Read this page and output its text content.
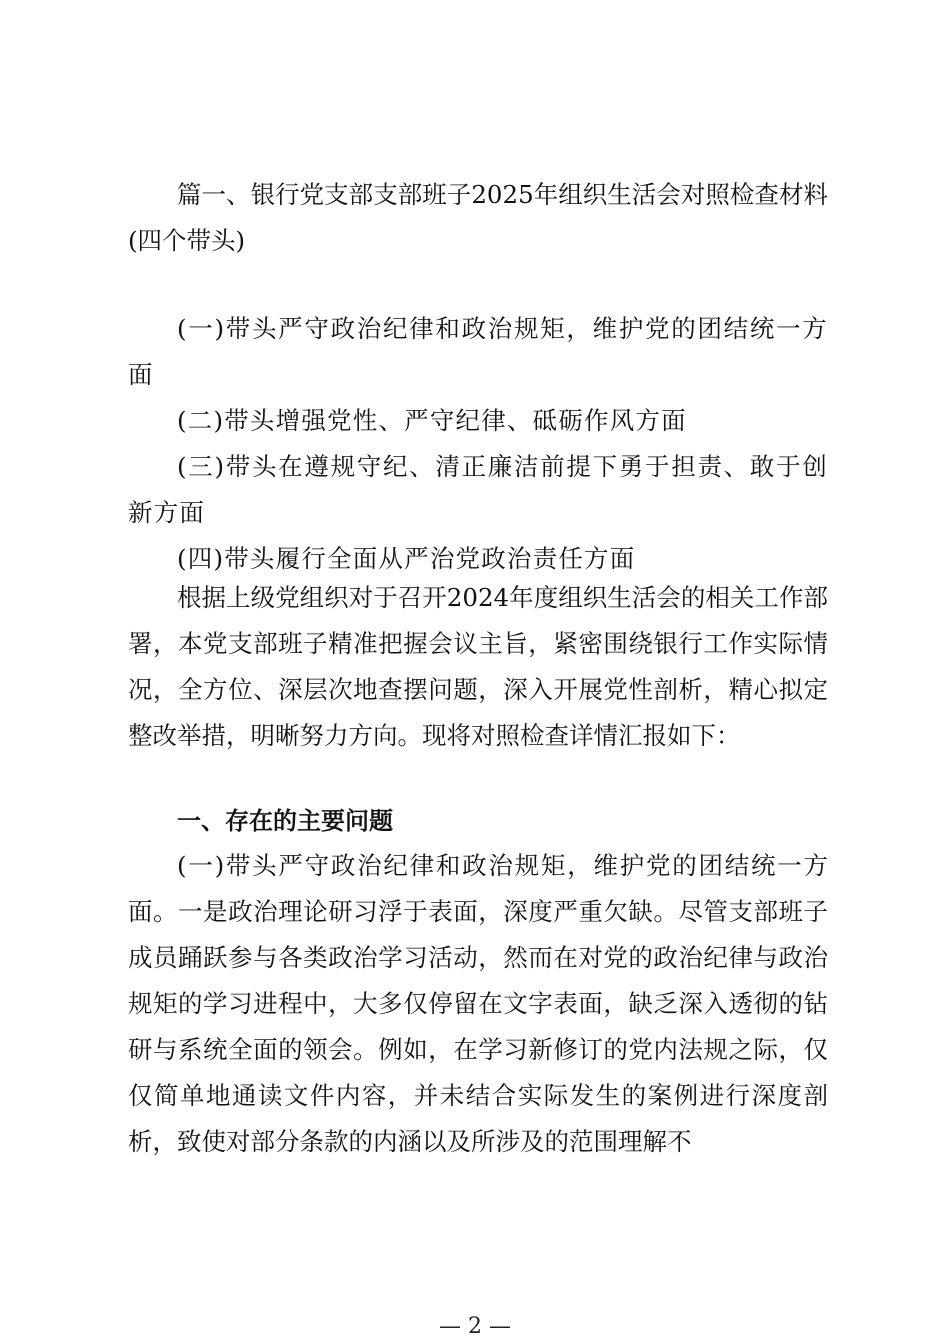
篇一、银行党支部支部班子2025年组织生活会对照检查材料(四个带头)

(一)带头严守政治纪律和政治规矩，维护党的团结统一方面

(二)带头增强党性、严守纪律、砥砺作风方面

(三)带头在遵规守纪、清正廉洁前提下勇于担责、敢于创新方面

(四)带头履行全面从严治党政治责任方面

根据上级党组织对于召开2024年度组织生活会的相关工作部署，本党支部班子精准把握会议主旨，紧密围绕银行工作实际情况，全方位、深层次地查摆问题，深入开展党性剖析，精心拟定整改举措，明晰努力方向。现将对照检查详情汇报如下：

一、存在的主要问题

(一)带头严守政治纪律和政治规矩，维护党的团结统一方面。一是政治理论研习浮于表面，深度严重欠缺。尽管支部班子成员踊跃参与各类政治学习活动，然而在对党的政治纪律与政治规矩的学习进程中，大多仅停留在文字表面，缺乏深入透彻的钻研与系统全面的领会。例如，在学习新修订的党内法规之际，仅仅简单地通读文件内容，并未结合实际发生的案例进行深度剖析，致使对部分条款的内涵以及所涉及的范围理解不

— 2 —
